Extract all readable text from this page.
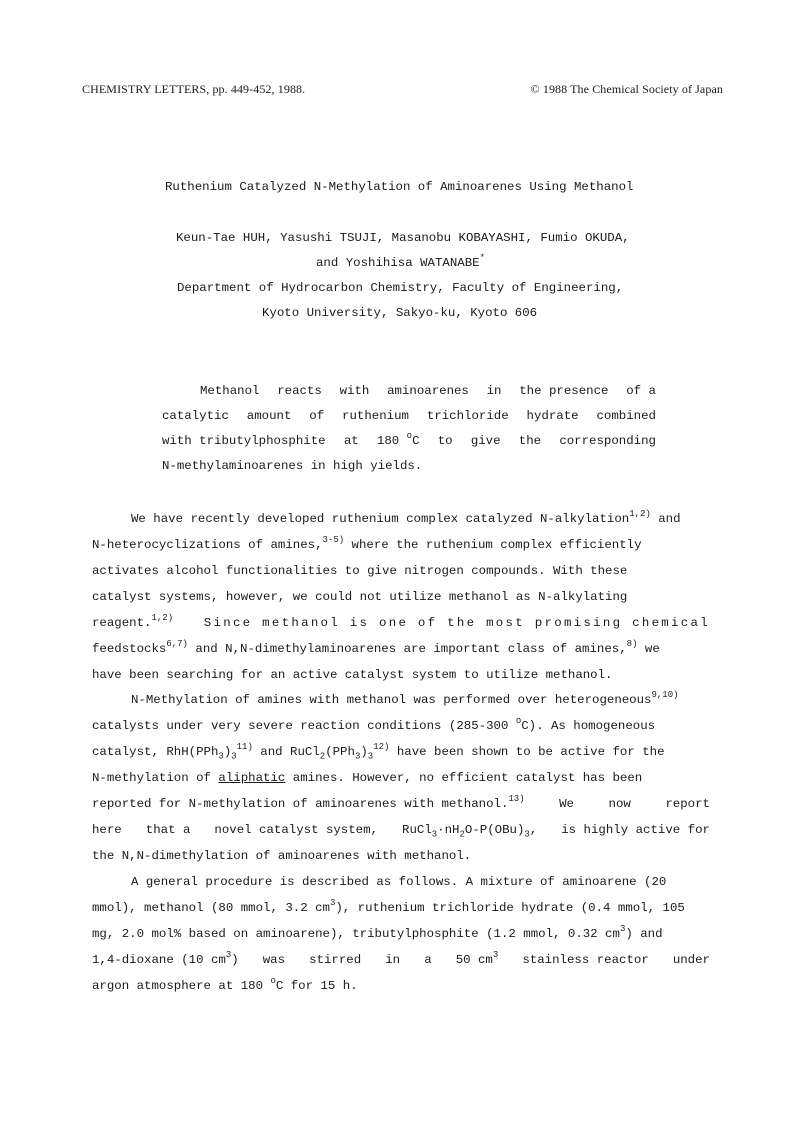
CHEMISTRY LETTERS, pp. 449-452, 1988.	© 1988 The Chemical Society of Japan
Ruthenium Catalyzed N-Methylation of Aminoarenes Using Methanol
Keun-Tae HUH, Yasushi TSUJI, Masanobu KOBAYASHI, Fumio OKUDA,
and Yoshihisa WATANABE*
Department of Hydrocarbon Chemistry, Faculty of Engineering,
Kyoto University, Sakyo-ku, Kyoto 606
Methanol reacts with aminoarenes in the presence of a
catalytic amount of ruthenium trichloride hydrate combined
with tributylphosphite at 180 $^o$C to give the corresponding
N-methylaminoarenes in high yields.
We have recently developed ruthenium complex catalyzed N-alkylation$^{1,2)}$ and
N-heterocyclizations of amines,$^{3-5)}$ where the ruthenium complex efficiently
activates alcohol functionalities to give nitrogen compounds. With these
catalyst systems, however, we could not utilize methanol as N-alkylating
reagent.$^{1,2)}$ Since methanol is one of the most promising chemical
feedstocks$^{6,7)}$ and N,N-dimethylaminoarenes are important class of amines,$^{8)}$ we
have been searching for an active catalyst system to utilize methanol.
N-Methylation of amines with methanol was performed over heterogeneous$^{9,10)}$
catalysts under very severe reaction conditions (285-300 $^o$C). As homogeneous
catalyst, $RhH(PPh_3)_3^{11)}$ and $RuCl_2(PPh_3)_3^{12)}$ have been shown to be active for the
N-methylation of aliphatic amines. However, no efficient catalyst has been
reported for N-methylation of aminoarenes with methanol.$^{13)}$	We	now	report
here that a novel catalyst system, $RuCl_3\cdot nH_2O-P(OBu)_3$, is highly active for
the N,N-dimethylation of aminoarenes with methanol.
A general procedure is described as follows. A mixture of aminoarene (20
mmol), methanol (80 mmol, 3.2 $cm^3$), ruthenium trichloride hydrate (0.4 mmol, 105
mg, 2.0 mol% based on aminoarene), tributylphosphite (1.2 mmol, 0.32 $cm^3$) and
1,4-dioxane (10 $cm^3$) was stirred in a 50 $cm^3$ stainless reactor under
argon atmosphere at 180 $^o$C for 15 h.
